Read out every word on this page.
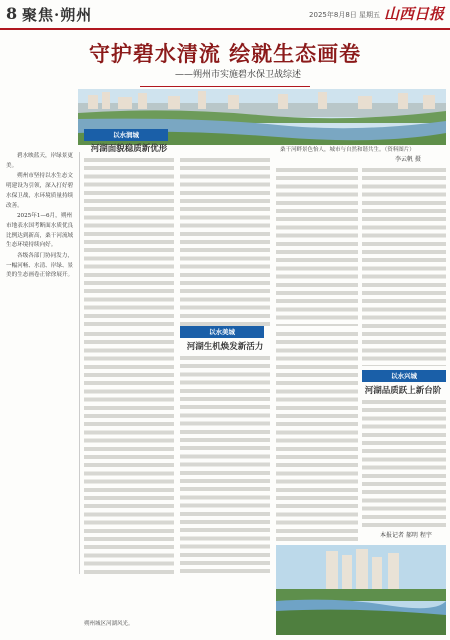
8 聚焦·朔州	2025年8月8日 星期五 山西日报
守护碧水清流 绘就生态画卷
——朔州市实施碧水保卫战综述
桑干河畔景色怡人，城市与自然和谐共生。（资料图片）
李云帆 摄

碧水映蓝天，岸绿景更美。

朔州市坚持以水生态文明建设为引领，深入打好碧水保卫战，水环境质量持续改善。

2025年1—6月，朔州市地表水国考断面水质优良比例达到新高，桑干河流域生态环境持续向好。

各级各部门协同发力，一幅河畅、水清、岸绿、景美的生态画卷正徐徐展开。

以水润城
河湖面貌稳质新优形
以水美城
河湖生机焕发新活力
以水兴城
河湖品质跃上新台阶
本报记者 郝明 程宇
朔州城区河湖风光。
